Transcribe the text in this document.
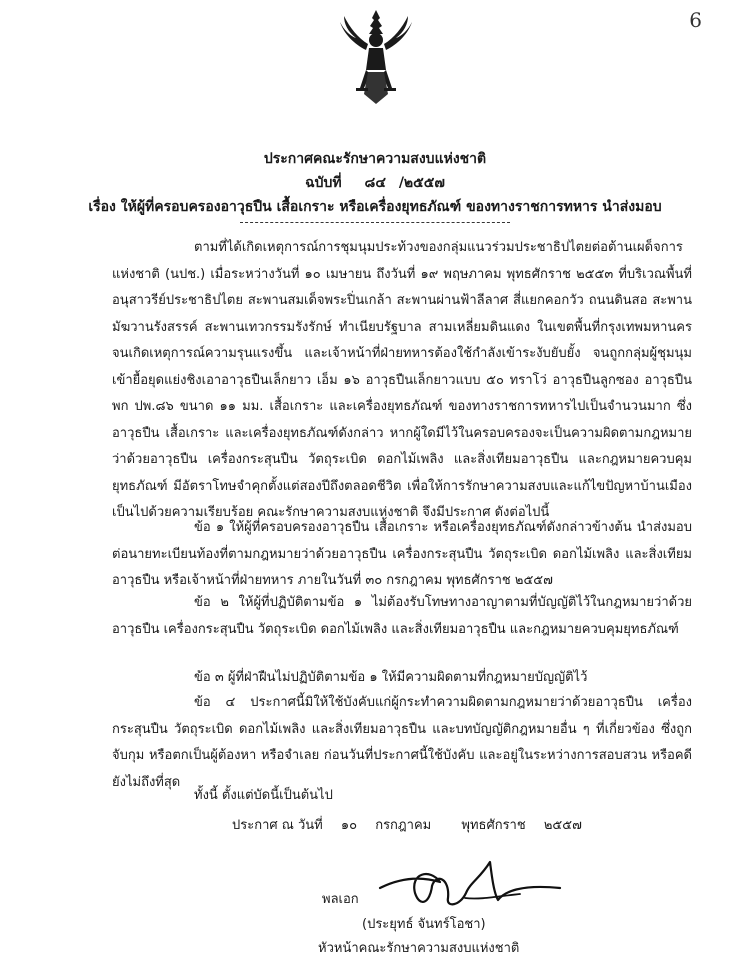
6
ประกาศคณะรักษาความสงบแห่งชาติ
ฉบับที่ ๘๔ /๒๕๕๗
เรื่อง ให้ผู้ที่ครอบครองอาวุธปืน เสื้อเกราะ หรือเครื่องยุทธภัณฑ์ ของทางราชการทหาร นำส่งมอบ

ตามที่ได้เกิดเหตุการณ์การชุมนุมประท้วงของกลุ่มแนวร่วมประชาธิปไตยต่อต้านเผด็จการแห่งชาติ (นปช.) เมื่อระหว่างวันที่ ๑๐ เมษายน ถึงวันที่ ๑๙ พฤษภาคม พุทธศักราช ๒๕๕๓ ที่บริเวณพื้นที่อนุสาวรีย์ประชาธิปไตย สะพานสมเด็จพระปิ่นเกล้า สะพานผ่านฟ้าลีลาศ สี่แยกคอกวัว ถนนดินสอ สะพานมัฆวานรังสรรค์ สะพานเทวกรรมรังรักษ์ ทำเนียบรัฐบาล สามเหลี่ยมดินแดง ในเขตพื้นที่กรุงเทพมหานคร จนเกิดเหตุการณ์ความรุนแรงขึ้น และเจ้าหน้าที่ฝ่ายทหารต้องใช้กำลังเข้าระงับยับยั้ง จนถูกกลุ่มผู้ชุมนุมเข้ายื้อยุดแย่งชิงเอาอาวุธปืนเล็กยาว เอ็ม ๑๖ อาวุธปืนเล็กยาวแบบ ๕๐ ทราโว่ อาวุธปืนลูกซอง อาวุธปืนพก ปพ.๘๖ ขนาด ๑๑ มม. เสื้อเกราะ และเครื่องยุทธภัณฑ์ ของทางราชการทหารไปเป็นจำนวนมาก ซึ่งอาวุธปืน เสื้อเกราะ และเครื่องยุทธภัณฑ์ดังกล่าว หากผู้ใดมีไว้ในครอบครองจะเป็นความผิดตามกฎหมายว่าด้วยอาวุธปืน เครื่องกระสุนปืน วัตถุระเบิด ดอกไม้เพลิง และสิ่งเทียมอาวุธปืน และกฎหมายควบคุมยุทธภัณฑ์ มีอัตราโทษจำคุกตั้งแต่สองปีถึงตลอดชีวิต เพื่อให้การรักษาความสงบและแก้ไขปัญหาบ้านเมืองเป็นไปด้วยความเรียบร้อย คณะรักษาความสงบแห่งชาติ จึงมีประกาศ ดังต่อไปนี้

ข้อ ๑ ให้ผู้ที่ครอบครองอาวุธปืน เสื้อเกราะ หรือเครื่องยุทธภัณฑ์ดังกล่าวข้างต้น นำส่งมอบต่อนายทะเบียนท้องที่ตามกฎหมายว่าด้วยอาวุธปืน เครื่องกระสุนปืน วัตถุระเบิด ดอกไม้เพลิง และสิ่งเทียมอาวุธปืน หรือเจ้าหน้าที่ฝ่ายทหาร ภายในวันที่ ๓๐ กรกฎาคม พุทธศักราช ๒๕๕๗

ข้อ ๒ ให้ผู้ที่ปฏิบัติตามข้อ ๑ ไม่ต้องรับโทษทางอาญาตามที่บัญญัติไว้ในกฎหมายว่าด้วยอาวุธปืน เครื่องกระสุนปืน วัตถุระเบิด ดอกไม้เพลิง และสิ่งเทียมอาวุธปืน และกฎหมายควบคุมยุทธภัณฑ์

ข้อ ๓ ผู้ที่ฝ่าฝืนไม่ปฏิบัติตามข้อ ๑ ให้มีความผิดตามที่กฎหมายบัญญัติไว้

ข้อ ๔ ประกาศนี้มิให้ใช้บังคับแก่ผู้กระทำความผิดตามกฎหมายว่าด้วยอาวุธปืน เครื่องกระสุนปืน วัตถุระเบิด ดอกไม้เพลิง และสิ่งเทียมอาวุธปืน และบทบัญญัติกฎหมายอื่น ๆ ที่เกี่ยวข้อง ซึ่งถูกจับกุม หรือตกเป็นผู้ต้องหา หรือจำเลย ก่อนวันที่ประกาศนี้ใช้บังคับ และอยู่ในระหว่างการสอบสวน หรือคดียังไม่ถึงที่สุด

ทั้งนี้ ตั้งแต่บัดนี้เป็นต้นไป

ประกาศ ณ วันที่ ๑๐ กรกฎาคม พุทธศักราช ๒๕๕๗
พลเอก
(ประยุทธ์ จันทร์โอชา)
หัวหน้าคณะรักษาความสงบแห่งชาติ
